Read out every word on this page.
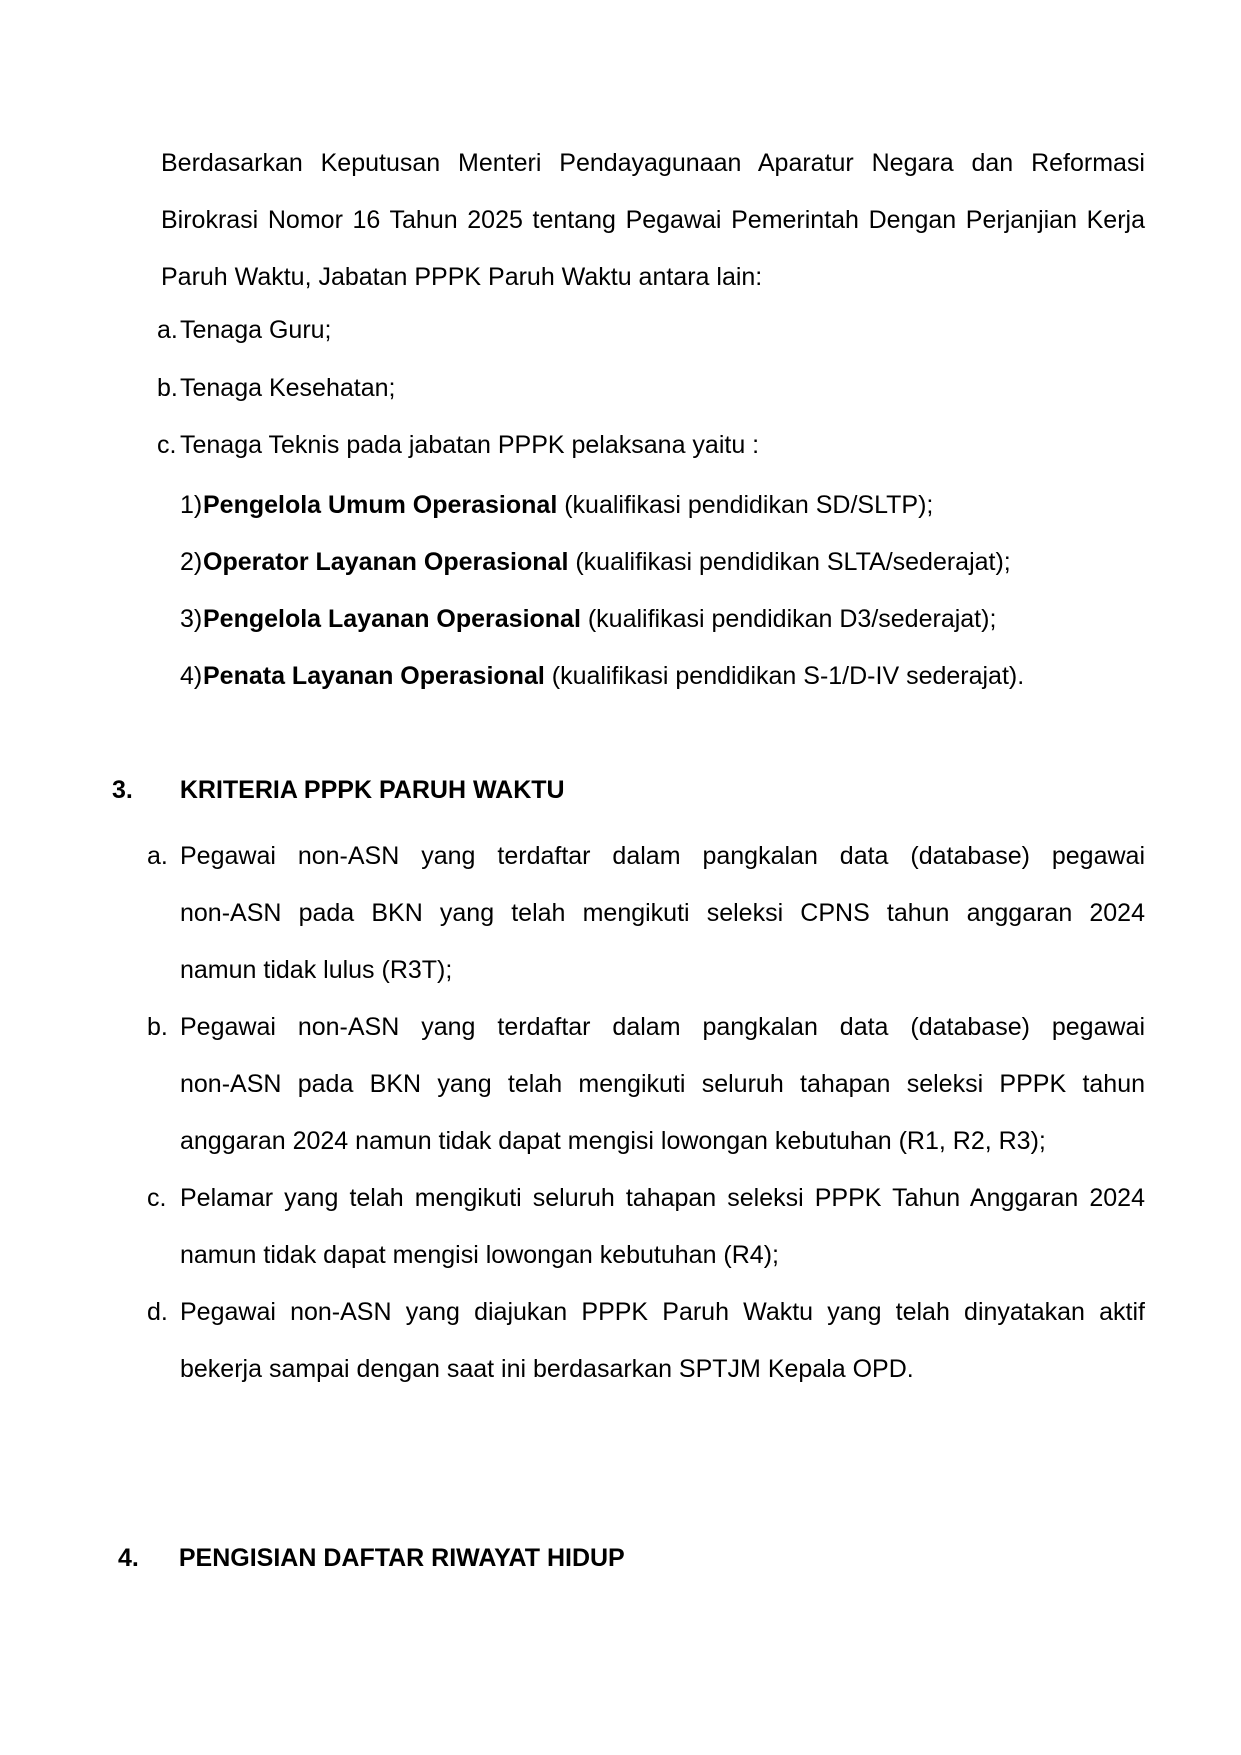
Berdasarkan Keputusan Menteri Pendayagunaan Aparatur Negara dan Reformasi
Birokrasi Nomor 16 Tahun 2025 tentang Pegawai Pemerintah Dengan Perjanjian Kerja
Paruh Waktu, Jabatan PPPK Paruh Waktu antara lain:
a. Tenaga Guru;
b. Tenaga Kesehatan;
c. Tenaga Teknis pada jabatan PPPK pelaksana yaitu :
1)Pengelola Umum Operasional (kualifikasi pendidikan SD/SLTP);
2)Operator Layanan Operasional (kualifikasi pendidikan SLTA/sederajat);
3)Pengelola Layanan Operasional (kualifikasi pendidikan D3/sederajat);
4)Penata Layanan Operasional (kualifikasi pendidikan S-1/D-IV sederajat).
3. KRITERIA PPPK PARUH WAKTU
a. Pegawai non-ASN yang terdaftar dalam pangkalan data (database) pegawai
non-ASN pada BKN yang telah mengikuti seleksi CPNS tahun anggaran 2024
namun tidak lulus (R3T);
b. Pegawai non-ASN yang terdaftar dalam pangkalan data (database) pegawai
non-ASN pada BKN yang telah mengikuti seluruh tahapan seleksi PPPK tahun
anggaran 2024 namun tidak dapat mengisi lowongan kebutuhan (R1, R2, R3);
c. Pelamar yang telah mengikuti seluruh tahapan seleksi PPPK Tahun Anggaran 2024
namun tidak dapat mengisi lowongan kebutuhan (R4);
d. Pegawai non-ASN yang diajukan PPPK Paruh Waktu yang telah dinyatakan aktif
bekerja sampai dengan saat ini berdasarkan SPTJM Kepala OPD.
4. PENGISIAN DAFTAR RIWAYAT HIDUP
